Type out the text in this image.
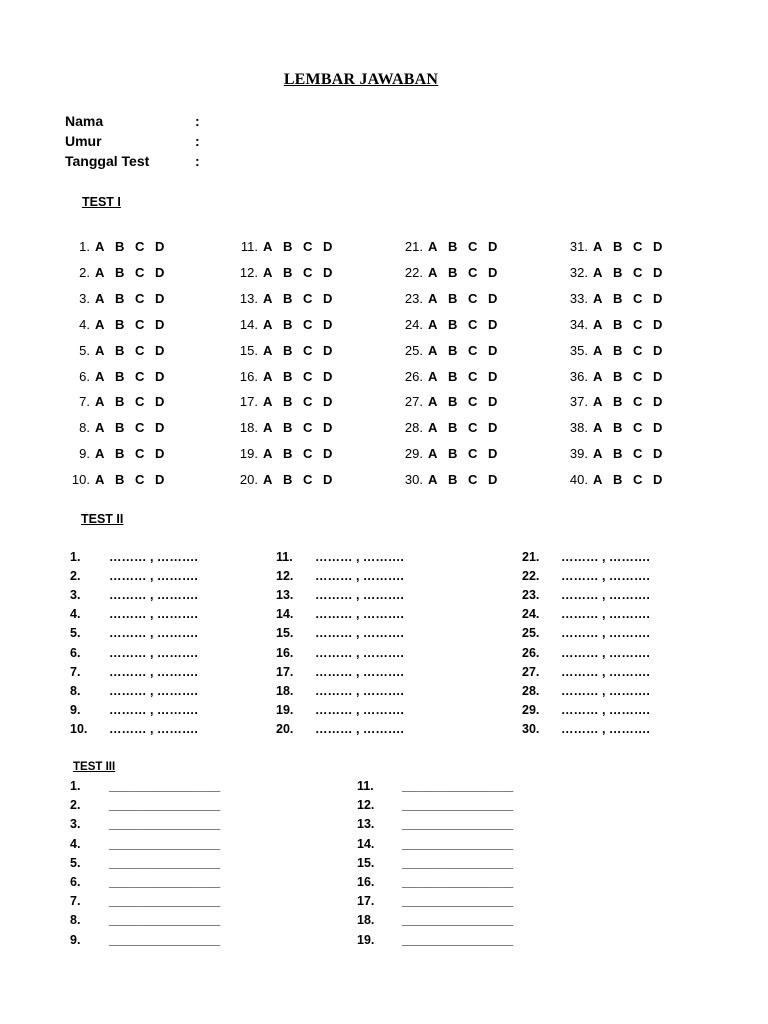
LEMBAR JAWABAN
Nama	:
Umur	:
Tanggal Test	:
TEST I
TEST II
TEST III
1. A B C D
2. A B C D
3. A B C D
4. A B C D
5. A B C D
6. A B C D
7. A B C D
8. A B C D
9. A B C D
10. A B C D
11. A B C D
12. A B C D
13. A B C D
14. A B C D
15. A B C D
16. A B C D
17. A B C D
18. A B C D
19. A B C D
20. A B C D
21. A B C D
22. A B C D
23. A B C D
24. A B C D
25. A B C D
26. A B C D
27. A B C D
28. A B C D
29. A B C D
30. A B C D
31. A B C D
32. A B C D
33. A B C D
34. A B C D
35. A B C D
36. A B C D
37. A B C D
38. A B C D
39. A B C D
40. A B C D
1. ……… , ……….
2. ……… , ……….
3. ……… , ……….
4. ……… , ……….
5. ……… , ……….
6. ……… , ……….
7. ……… , ……….
8. ……… , ……….
9. ……… , ……….
10. ……… , ……….
11. ……… , ……….
12. ……… , ……….
13. ……… , ……….
14. ……… , ……….
15. ……… , ……….
16. ……… , ……….
17. ……… , ……….
18. ……… , ……….
19. ……… , ……….
20. ……… , ……….
21. ……… , ……….
22. ……… , ……….
23. ……… , ……….
24. ……… , ……….
25. ……… , ……….
26. ……… , ……….
27. ……… , ……….
28. ……… , ……….
29. ……… , ……….
30. ……… , ……….
1. ________________
2. ________________
3. ________________
4. ________________
5. ________________
6. ________________
7. ________________
8. ________________
9. ________________
11. ________________
12. ________________
13. ________________
14. ________________
15. ________________
16. ________________
17. ________________
18. ________________
19. ________________
